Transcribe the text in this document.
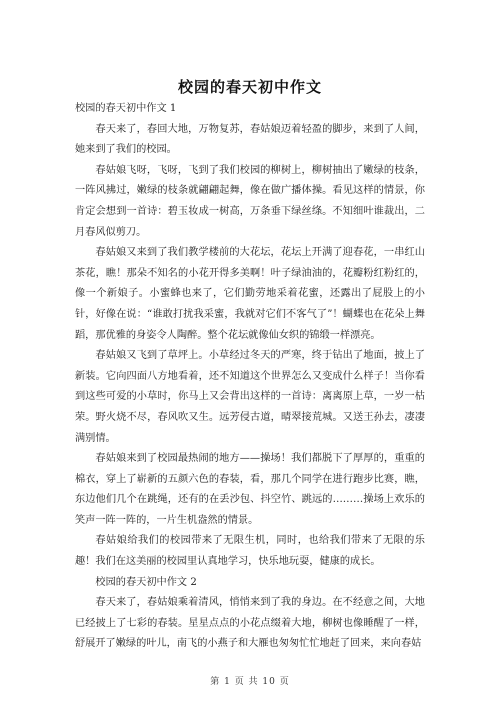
校园的春天初中作文

校园的春天初中作文 1

春天来了，春回大地，万物复苏，春姑娘迈着轻盈的脚步，来到了人间，她来到了我们的校园。

春姑娘飞呀，飞呀，飞到了我们校园的柳树上，柳树抽出了嫩绿的枝条，一阵风拂过，嫩绿的枝条就翩翩起舞，像在做广播体操。看见这样的情景，你肯定会想到一首诗：碧玉妆成一树高，万条垂下绿丝绦。不知细叶谁裁出，二月春风似剪刀。

春姑娘又来到了我们教学楼前的大花坛，花坛上开满了迎春花，一串红山茶花，瞧！那朵不知名的小花开得多美啊！叶子绿油油的，花瓣粉红粉红的，像一个新娘子。小蜜蜂也来了，它们勤劳地采着花蜜，还露出了屁股上的小针，好像在说：“谁敢打扰我采蜜，我就对它们不客气了”！蝴蝶也在花朵上舞蹈，那优雅的身姿令人陶醉。整个花坛就像仙女织的锦缎一样漂亮。

春姑娘又飞到了草坪上。小草经过冬天的严寒，终于钻出了地面，披上了新装。它向四面八方地看着，还不知道这个世界怎么又变成什么样子！当你看到这些可爱的小草时，你马上又会背出这样的一首诗：离离原上草，一岁一枯荣。野火烧不尽，春风吹又生。远芳侵古道，晴翠接荒城。又送王孙去，凄凄满别情。

春姑娘来到了校园最热闹的地方——操场！我们都脱下了厚厚的，重重的棉衣，穿上了崭新的五颜六色的春装，看，那几个同学在进行跑步比赛，瞧，东边他们几个在跳绳，还有的在丢沙包、抖空竹、跳远的………操场上欢乐的笑声一阵一阵的，一片生机盎然的情景。

春姑娘给我们的校园带来了无限生机，同时，也给我们带来了无限的乐趣！我们在这美丽的校园里认真地学习，快乐地玩耍，健康的成长。

校园的春天初中作文 2

春天来了，春姑娘乘着清风，悄悄来到了我的身边。在不经意之间，大地已经披上了七彩的春装。星星点点的小花点缀着大地，柳树也像睡醒了一样，舒展开了嫩绿的叶儿，南飞的小燕子和大雁也匆匆忙忙地赶了回来，来向春姑

第 1 页 共 10 页
